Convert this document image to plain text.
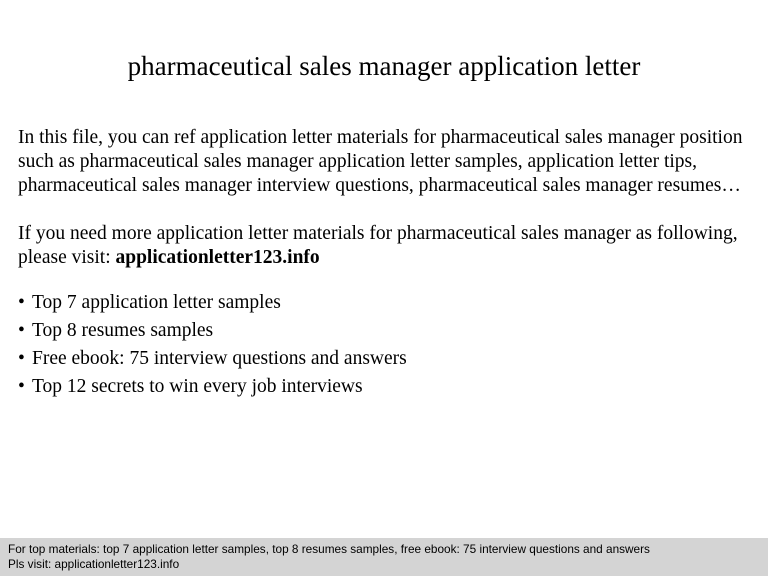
pharmaceutical sales manager application letter

In this file, you can ref application letter materials for pharmaceutical sales manager position such as pharmaceutical sales manager application letter samples, application letter tips, pharmaceutical sales manager interview questions, pharmaceutical sales manager resumes…

If you need more application letter materials for pharmaceutical sales manager as following, please visit: applicationletter123.info

• Top 7 application letter samples
• Top 8 resumes samples
• Free ebook: 75 interview questions and answers
• Top 12 secrets to win every job interviews
For top materials: top 7 application letter samples, top 8 resumes samples, free ebook: 75 interview questions and answers
Pls visit: applicationletter123.info
